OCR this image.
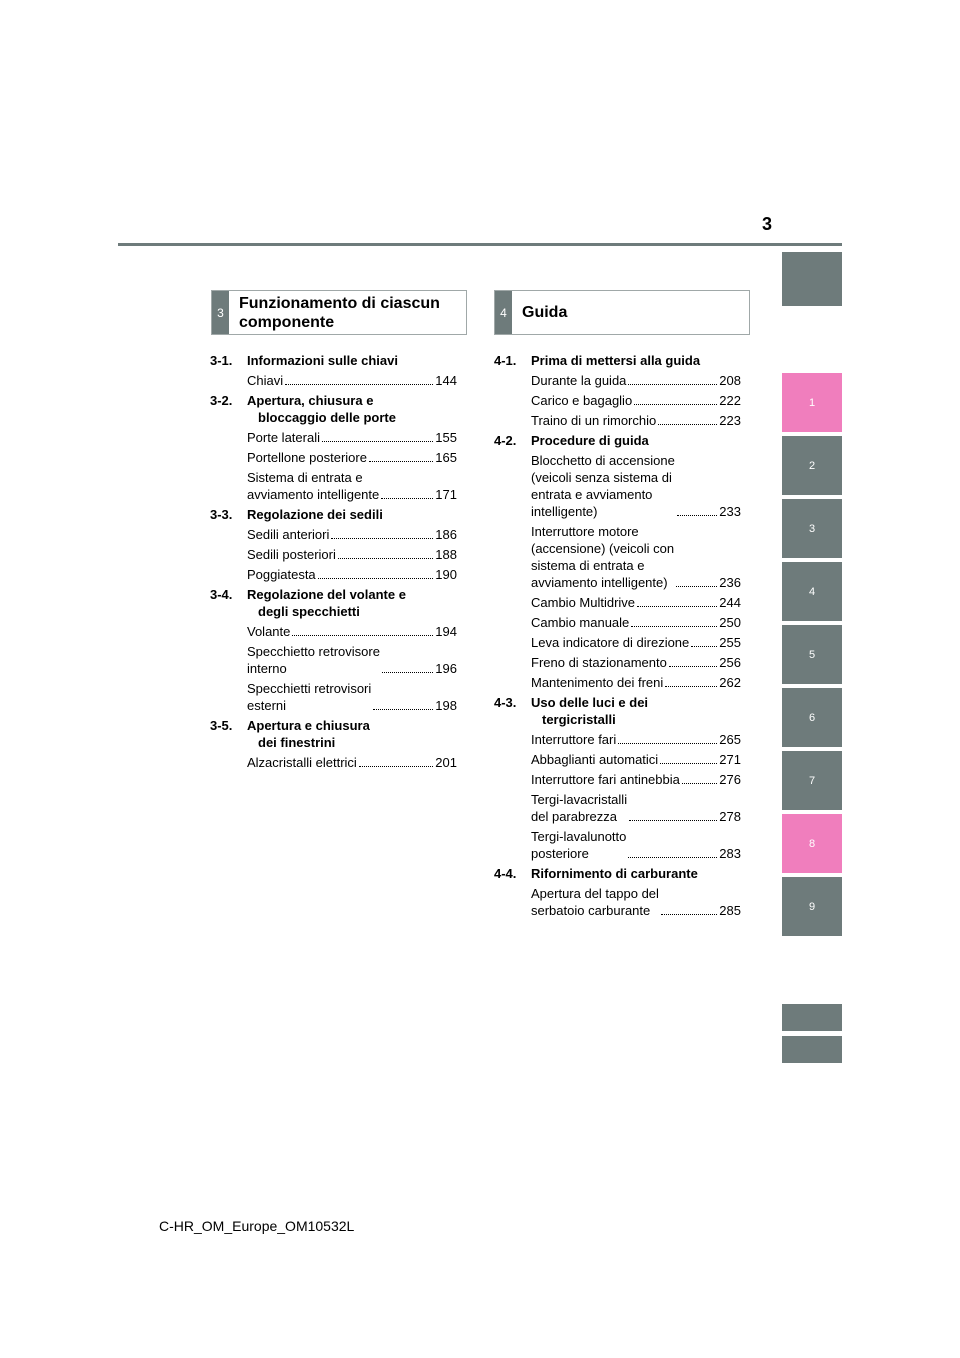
3
1
2
3
4
5
6
7
8
9
3
Funzionamento di ciascun componente
4 Guida
3-1.	Informazioni sulle chiavi
Chiavi	144
3-2.	Apertura, chiusura e
bloccaggio delle porte
Porte laterali	155
Portellone posteriore	165
Sistema di entrata e
avviamento intelligente	171
3-3.	Regolazione dei sedili
Sedili anteriori	186
Sedili posteriori	188
Poggiatesta	190
3-4.	Regolazione del volante e
degli specchietti
Volante	194
Specchietto retrovisore
interno	196
Specchietti retrovisori
esterni	198
3-5.	Apertura e chiusura
dei finestrini
Alzacristalli elettrici	201
4-1.	Prima di mettersi alla guida
Durante la guida	208
Carico e bagaglio	222
Traino di un rimorchio	223
4-2.	Procedure di guida
Blocchetto di accensione
(veicoli senza sistema di
entrata e avviamento
intelligente)	233
Interruttore motore
(accensione) (veicoli con
sistema di entrata e
avviamento intelligente)	236
Cambio Multidrive	244
Cambio manuale	250
Leva indicatore di direzione 255
Freno di stazionamento	256
Mantenimento dei freni	262
4-3.	Uso delle luci e dei
tergicristalli
Interruttore fari	265
Abbaglianti automatici	271
Interruttore fari antinebbia	276
Tergi-lavacristalli
del parabrezza	278
Tergi-lavalunotto
posteriore	283
4-4.	Rifornimento di carburante
Apertura del tappo del
serbatoio carburante	285
C-HR_OM_Europe_OM10532L
